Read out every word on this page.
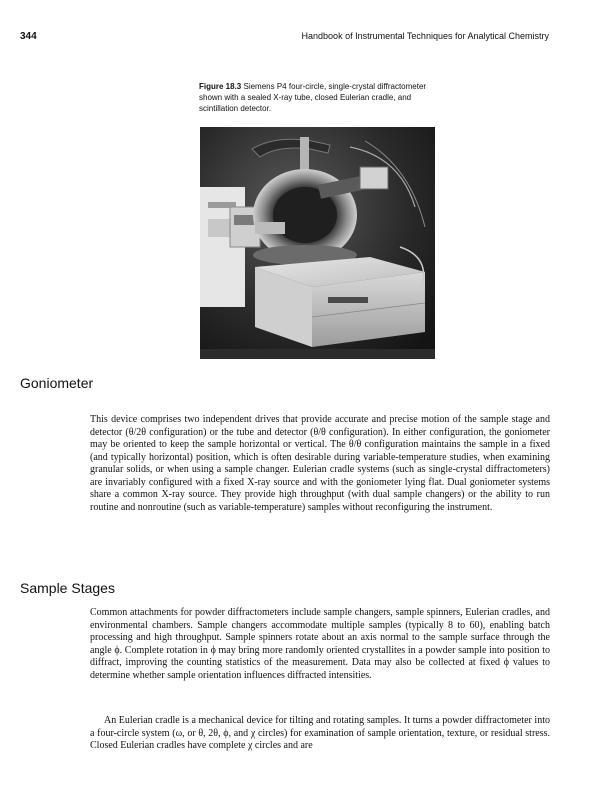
344	Handbook of Instrumental Techniques for Analytical Chemistry
Figure 18.3 Siemens P4 four-circle, single-crystal diffractometer shown with a sealed X-ray tube, closed Eulerian cradle, and scintillation detector.
Goniometer

This device comprises two independent drives that provide accurate and precise motion of the sample stage and detector (θ/2θ configuration) or the tube and detector (θ/θ configuration). In either configuration, the goniometer may be oriented to keep the sample horizontal or vertical. The θ/θ configuration maintains the sample in a fixed (and typically horizontal) position, which is often desirable during variable-temperature studies, when examining granular solids, or when using a sample changer. Eulerian cradle systems (such as single-crystal diffractometers) are invariably configured with a fixed X-ray source and with the goniometer lying flat. Dual goniometer systems share a common X-ray source. They provide high throughput (with dual sample changers) or the ability to run routine and nonroutine (such as variable-temperature) samples without reconfiguring the instrument.

Sample Stages

Common attachments for powder diffractometers include sample changers, sample spinners, Eulerian cradles, and environmental chambers. Sample changers accommodate multiple samples (typically 8 to 60), enabling batch processing and high throughput. Sample spinners rotate about an axis normal to the sample surface through the angle ϕ. Complete rotation in ϕ may bring more randomly oriented crystallites in a powder sample into position to diffract, improving the counting statistics of the measurement. Data may also be collected at fixed ϕ values to determine whether sample orientation influences diffracted intensities.

An Eulerian cradle is a mechanical device for tilting and rotating samples. It turns a powder diffractometer into a four-circle system (ω, or θ, 2θ, ϕ, and χ circles) for examination of sample orientation, texture, or residual stress. Closed Eulerian cradles have complete χ circles and are
